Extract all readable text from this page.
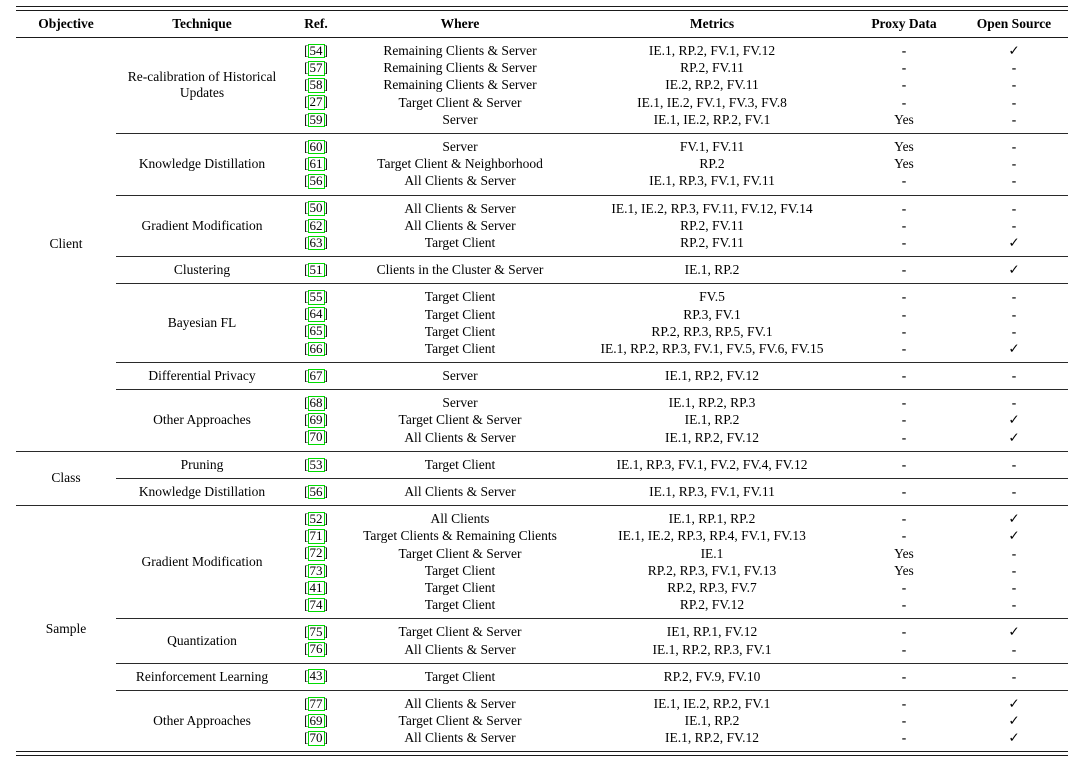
Objective	Technique	Ref.	Where	Metrics	Proxy Data	Open Source
Client
Re-calibration of Historical Updates
[54]	Remaining Clients & Server	IE.1, RP.2, FV.1, FV.12	-	✓
[57]	Remaining Clients & Server	RP.2, FV.11	-	-
[58]	Remaining Clients & Server	IE.2, RP.2, FV.11	-	-
[27]	Target Client & Server	IE.1, IE.2, FV.1, FV.3, FV.8	-	-
[59]	Server	IE.1, IE.2, RP.2, FV.1	Yes	-
Knowledge Distillation
[60]	Server	FV.1, FV.11	Yes	-
[61]	Target Client & Neighborhood	RP.2	Yes	-
[56]	All Clients & Server	IE.1, RP.3, FV.1, FV.11	-	-
Gradient Modification
[50]	All Clients & Server	IE.1, IE.2, RP.3, FV.11, FV.12, FV.14	-	-
[62]	All Clients & Server	RP.2, FV.11	-	-
[63]	Target Client	RP.2, FV.11	-	✓
Clustering	[51]	Clients in the Cluster & Server	IE.1, RP.2	-	✓
Bayesian FL
[55]	Target Client	FV.5	-	-
[64]	Target Client	RP.3, FV.1	-	-
[65]	Target Client	RP.2, RP.3, RP.5, FV.1	-	-
[66]	Target Client	IE.1, RP.2, RP.3, FV.1, FV.5, FV.6, FV.15	-	✓
Differential Privacy	[67]	Server	IE.1, RP.2, FV.12	-	-
Other Approaches
[68]	Server	IE.1, RP.2, RP.3	-	-
[69]	Target Client & Server	IE.1, RP.2	-	✓
[70]	All Clients & Server	IE.1, RP.2, FV.12	-	✓
Class
Pruning	[53]	Target Client	IE.1, RP.3, FV.1, FV.2, FV.4, FV.12	-	-
Knowledge Distillation	[56]	All Clients & Server	IE.1, RP.3, FV.1, FV.11	-	-
Sample
Gradient Modification
[52]	All Clients	IE.1, RP.1, RP.2	-	✓
[71]	Target Clients & Remaining Clients	IE.1, IE.2, RP.3, RP.4, FV.1, FV.13	-	✓
[72]	Target Client & Server	IE.1	Yes	-
[73]	Target Client	RP.2, RP.3, FV.1, FV.13	Yes	-
[41]	Target Client	RP.2, RP.3, FV.7	-	-
[74]	Target Client	RP.2, FV.12	-	-
Quantization
[75]	Target Client & Server	IE1, RP.1, FV.12	-	✓
[76]	All Clients & Server	IE.1, RP.2, RP.3, FV.1	-	-
Reinforcement Learning	[43]	Target Client	RP.2, FV.9, FV.10	-	-
Other Approaches
[77]	All Clients & Server	IE.1, IE.2, RP.2, FV.1	-	✓
[69]	Target Client & Server	IE.1, RP.2	-	✓
[70]	All Clients & Server	IE.1, RP.2, FV.12	-	✓
